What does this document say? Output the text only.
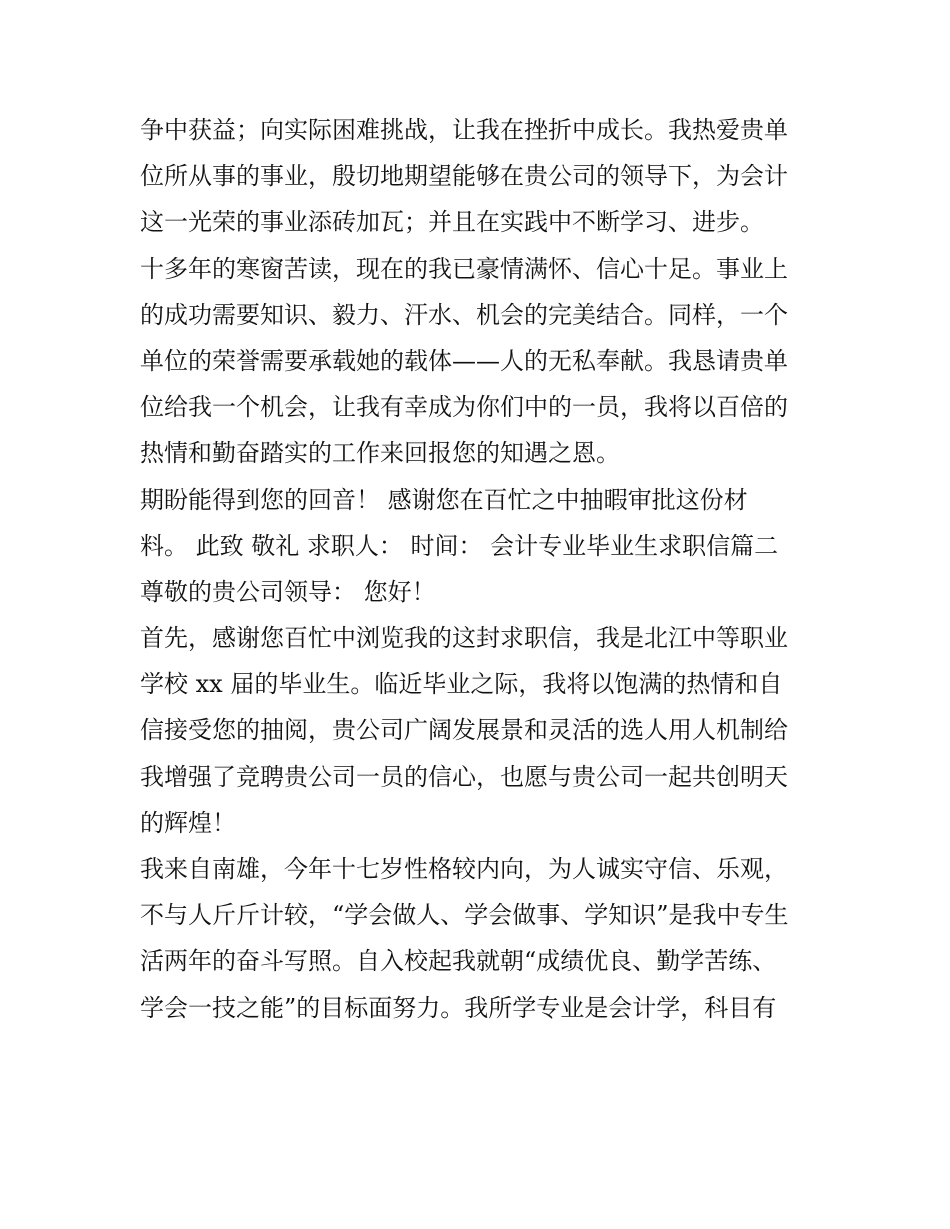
争中获益；向实际困难挑战，让我在挫折中成长。我热爱贵单
位所从事的事业，殷切地期望能够在贵公司的领导下，为会计
这一光荣的事业添砖加瓦；并且在实践中不断学习、进步。
十多年的寒窗苦读，现在的我已豪情满怀、信心十足。事业上
的成功需要知识、毅力、汗水、机会的完美结合。同样，一个
单位的荣誉需要承载她的载体——人的无私奉献。我恳请贵单
位给我一个机会，让我有幸成为你们中的一员，我将以百倍的
热情和勤奋踏实的工作来回报您的知遇之恩。
期盼能得到您的回音！ 感谢您在百忙之中抽暇审批这份材
料。 此致 敬礼 求职人： 时间： 会计专业毕业生求职信篇二
尊敬的贵公司领导： 您好！
首先，感谢您百忙中浏览我的这封求职信，我是北江中等职业
学校 xx 届的毕业生。临近毕业之际，我将以饱满的热情和自
信接受您的抽阅，贵公司广阔发展景和灵活的选人用人机制给
我增强了竞聘贵公司一员的信心，也愿与贵公司一起共创明天
的辉煌！
我来自南雄，今年十七岁性格较内向，为人诚实守信、乐观，
不与人斤斤计较，“学会做人、学会做事、学知识”是我中专生
活两年的奋斗写照。自入校起我就朝“成绩优良、勤学苦练、
学会一技之能”的目标面努力。我所学专业是会计学，科目有
